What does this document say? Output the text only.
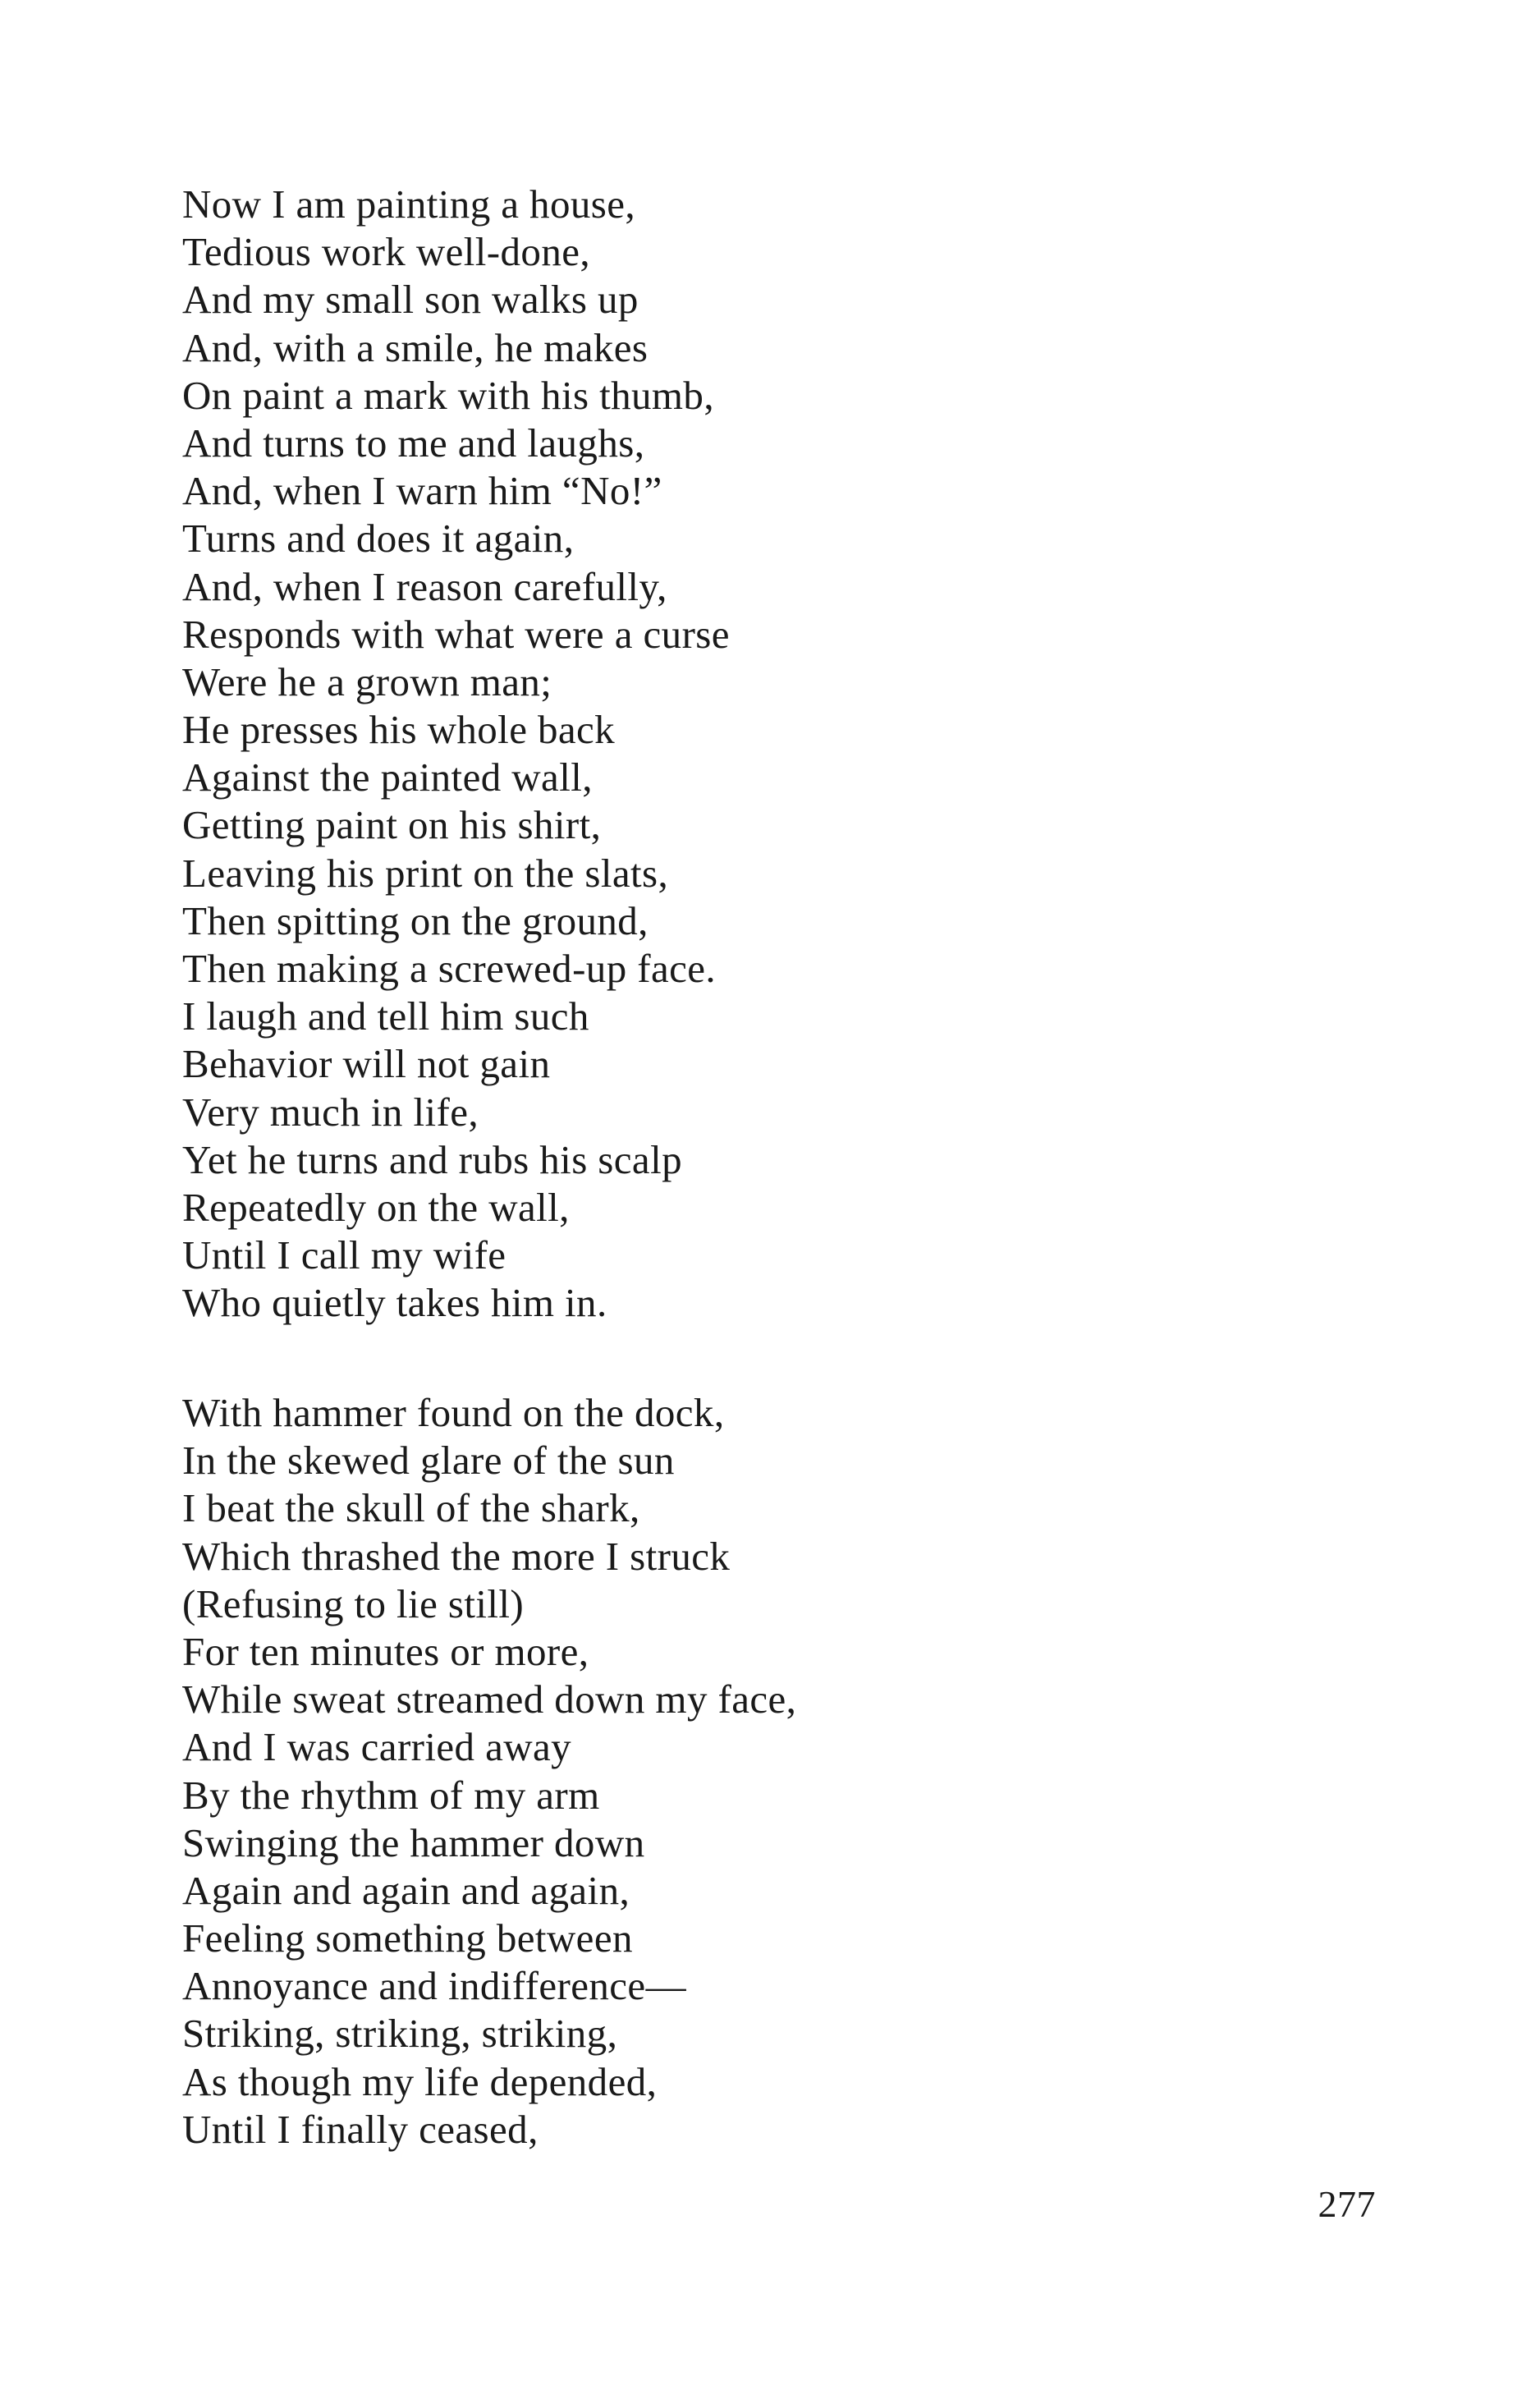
Now I am painting a house,
Tedious work well-done,
And my small son walks up
And, with a smile, he makes
On paint a mark with his thumb,
And turns to me and laughs,
And, when I warn him “No!”
Turns and does it again,
And, when I reason carefully,
Responds with what were a curse
Were he a grown man;
He presses his whole back
Against the painted wall,
Getting paint on his shirt,
Leaving his print on the slats,
Then spitting on the ground,
Then making a screwed-up face.
I laugh and tell him such
Behavior will not gain
Very much in life,
Yet he turns and rubs his scalp
Repeatedly on the wall,
Until I call my wife
Who quietly takes him in.
With hammer found on the dock,
In the skewed glare of the sun
I beat the skull of the shark,
Which thrashed the more I struck
(Refusing to lie still)
For ten minutes or more,
While sweat streamed down my face,
And I was carried away
By the rhythm of my arm
Swinging the hammer down
Again and again and again,
Feeling something between
Annoyance and indifference—
Striking, striking, striking,
As though my life depended,
Until I finally ceased,
277
